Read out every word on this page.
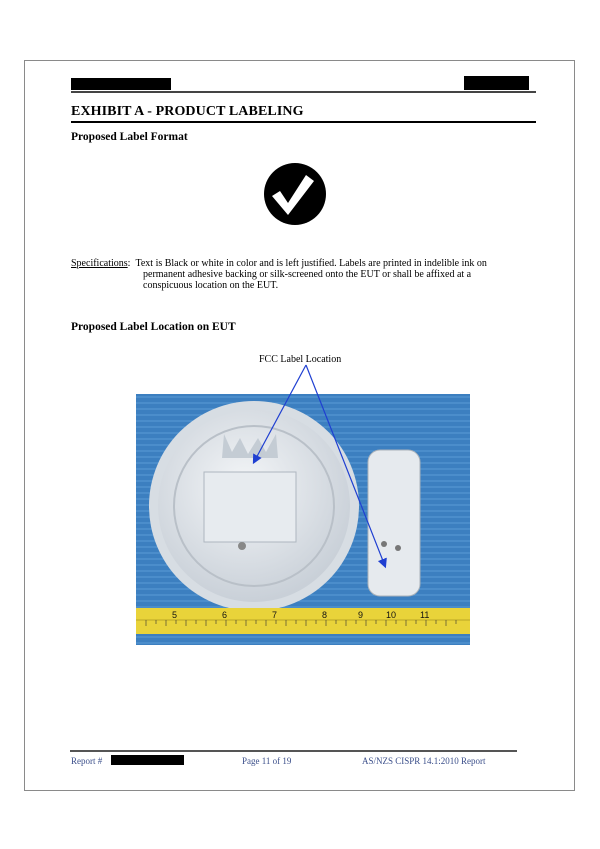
EXHIBIT A - PRODUCT LABELING
Proposed Label Format
Specifications : Text is Black or white in color and is left justified. Labels are printed in indelible ink on
permanent adhesive backing or silk-screened onto the EUT or shall be affixed at a
conspicuous location on the EUT.
Proposed Label Location on EUT
FCC Label Location
5	6	7	8	9	10	11
Report #	Page 11 of 19	AS/NZS CISPR 14.1:2010 Report
